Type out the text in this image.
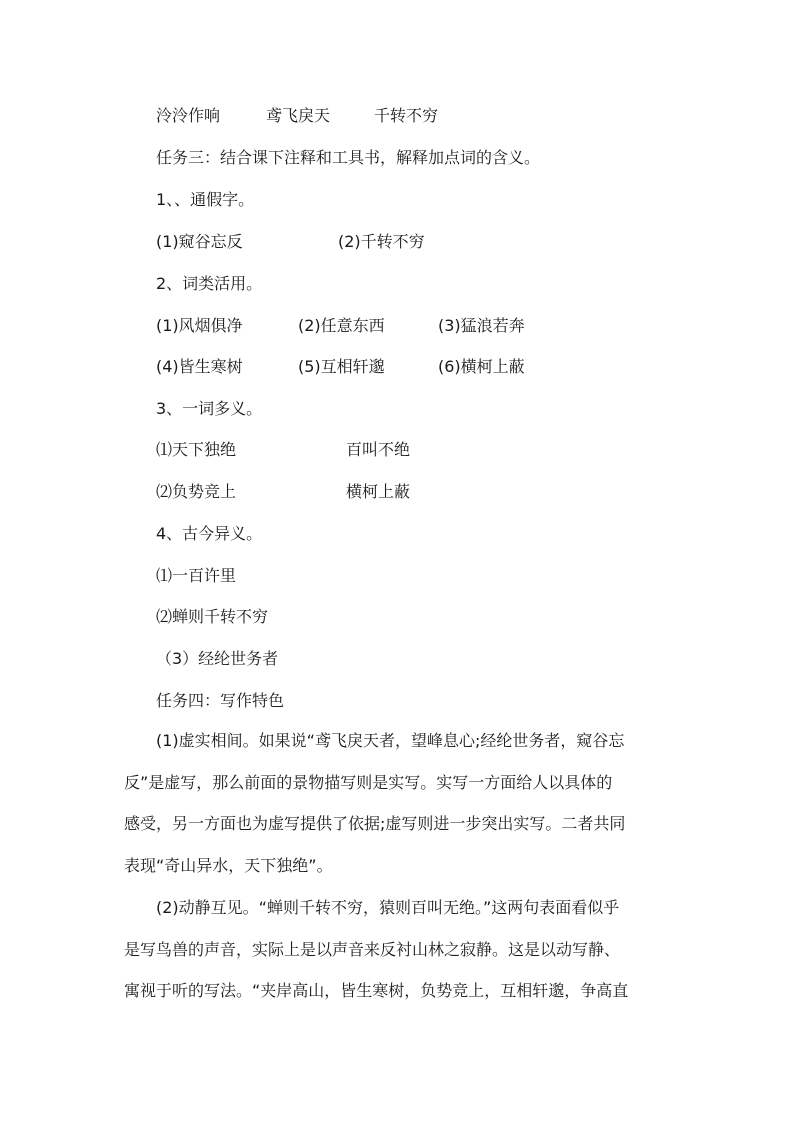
泠泠作响	鸢飞戾天	千转不穷
任务三：结合课下注释和工具书，解释加点词的含义。
1、、通假字。
(1)窥谷忘反	(2)千转不穷
2、词类活用。
(1)风烟俱净	(2)任意东西	(3)猛浪若奔
(4)皆生寒树	(5)互相轩邈	(6)横柯上蔽
3、一词多义。
⑴天下独绝	百叫不绝
⑵负势竞上	横柯上蔽
4、古今异义。
⑴一百许里
⑵蝉则千转不穷
（3）经纶世务者
任务四：写作特色

(1)虚实相间。如果说“鸢飞戾天者，望峰息心;经纶世务者，窥谷忘

反”是虚写，那么前面的景物描写则是实写。实写一方面给人以具体的

感受，另一方面也为虚写提供了依据;虚写则进一步突出实写。二者共同

表现“奇山异水，天下独绝”。

(2)动静互见。“蝉则千转不穷，猿则百叫无绝。”这两句表面看似乎

是写鸟兽的声音，实际上是以声音来反衬山林之寂静。这是以动写静、

寓视于听的写法。“夹岸高山，皆生寒树，负势竞上，互相轩邈，争高直
